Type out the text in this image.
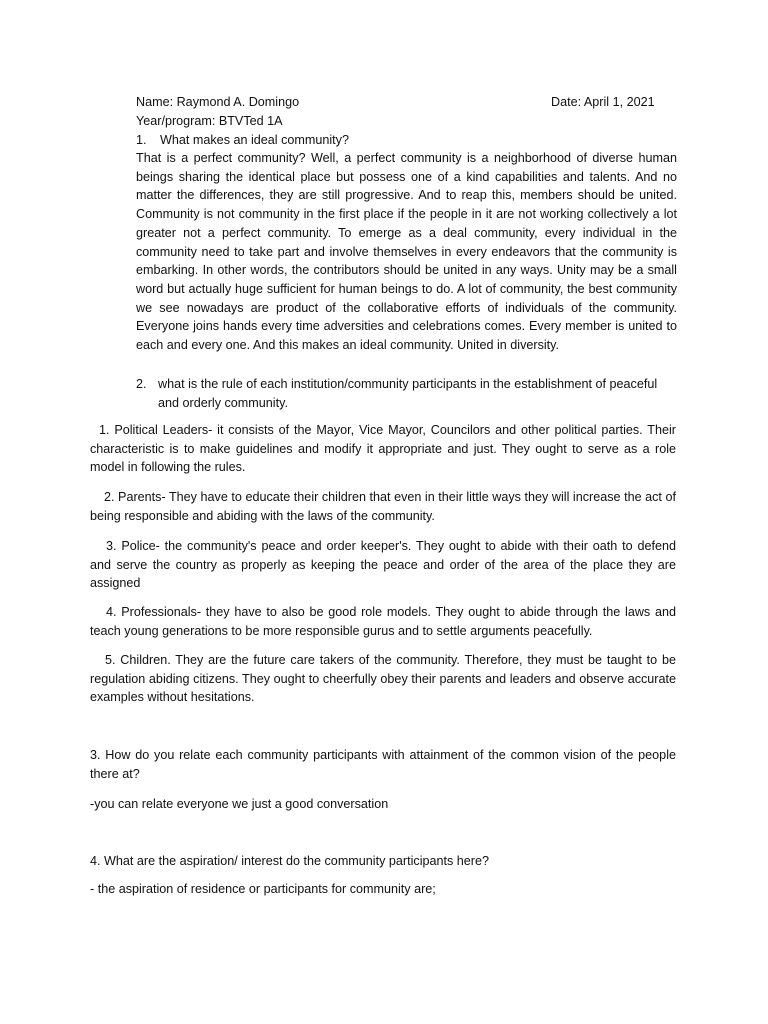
Name: Raymond A. Domingo	Date: April 1, 2021
Year/program: BTVTed 1A
1. What makes an ideal community?
That is a perfect community? Well, a perfect community is a neighborhood of diverse human beings sharing the identical place but possess one of a kind capabilities and talents. And no matter the differences, they are still progressive. And to reap this, members should be united. Community is not community in the first place if the people in it are not working collectively a lot greater not a perfect community. To emerge as a deal community, every individual in the community need to take part and involve themselves in every endeavors that the community is embarking. In other words, the contributors should be united in any ways. Unity may be a small word but actually huge sufficient for human beings to do. A lot of community, the best community we see nowadays are product of the collaborative efforts of individuals of the community. Everyone joins hands every time adversities and celebrations comes. Every member is united to each and every one. And this makes an ideal community. United in diversity.
2. what is the rule of each institution/community participants in the establishment of peaceful and orderly community.
1. Political Leaders- it consists of the Mayor, Vice Mayor, Councilors and other political parties. Their characteristic is to make guidelines and modify it appropriate and just. They ought to serve as a role model in following the rules.
2. Parents- They have to educate their children that even in their little ways they will increase the act of being responsible and abiding with the laws of the community.
3. Police- the community's peace and order keeper's. They ought to abide with their oath to defend and serve the country as properly as keeping the peace and order of the area of the place they are assigned
4. Professionals- they have to also be good role models. They ought to abide through the laws and teach young generations to be more responsible gurus and to settle arguments peacefully.
5. Children. They are the future care takers of the community. Therefore, they must be taught to be regulation abiding citizens. They ought to cheerfully obey their parents and leaders and observe accurate examples without hesitations.
3. How do you relate each community participants with attainment of the common vision of the people there at?
-you can relate everyone we just a good conversation
4. What are the aspiration/ interest do the community participants here?
- the aspiration of residence or participants for community are;
